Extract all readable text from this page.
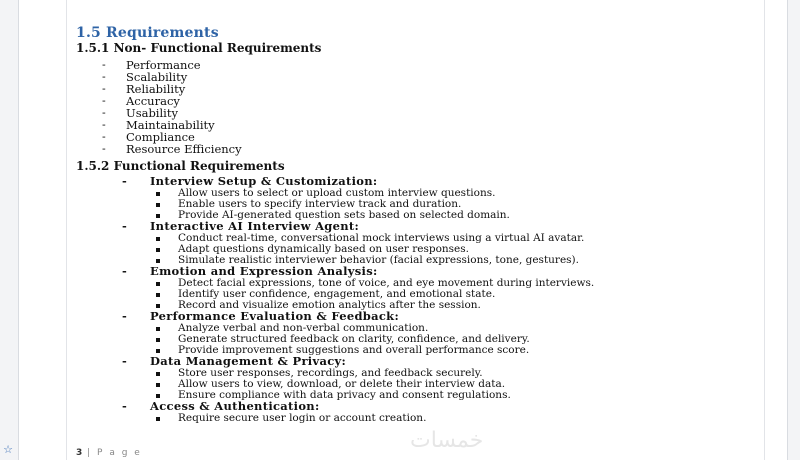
☆
1.5 Requirements
1.5.1 Non- Functional Requirements
- Performance
- Scalability
- Reliability
- Accuracy
- Usability
- Maintainability
- Compliance
- Resource Efficiency
1.5.2 Functional Requirements
- Interview Setup & Customization:
Allow users to select or upload custom interview questions.
Enable users to specify interview track and duration.
Provide AI-generated question sets based on selected domain.
- Interactive AI Interview Agent:
Conduct real-time, conversational mock interviews using a virtual AI avatar.
Adapt questions dynamically based on user responses.
Simulate realistic interviewer behavior (facial expressions, tone, gestures).
- Emotion and Expression Analysis:
Detect facial expressions, tone of voice, and eye movement during interviews.
Identify user confidence, engagement, and emotional state.
Record and visualize emotion analytics after the session.
- Performance Evaluation & Feedback:
Analyze verbal and non-verbal communication.
Generate structured feedback on clarity, confidence, and delivery.
Provide improvement suggestions and overall performance score.
- Data Management & Privacy:
Store user responses, recordings, and feedback securely.
Allow users to view, download, or delete their interview data.
Ensure compliance with data privacy and consent regulations.
- Access & Authentication:
Require secure user login or account creation.
3 | P a g e	خمسات
